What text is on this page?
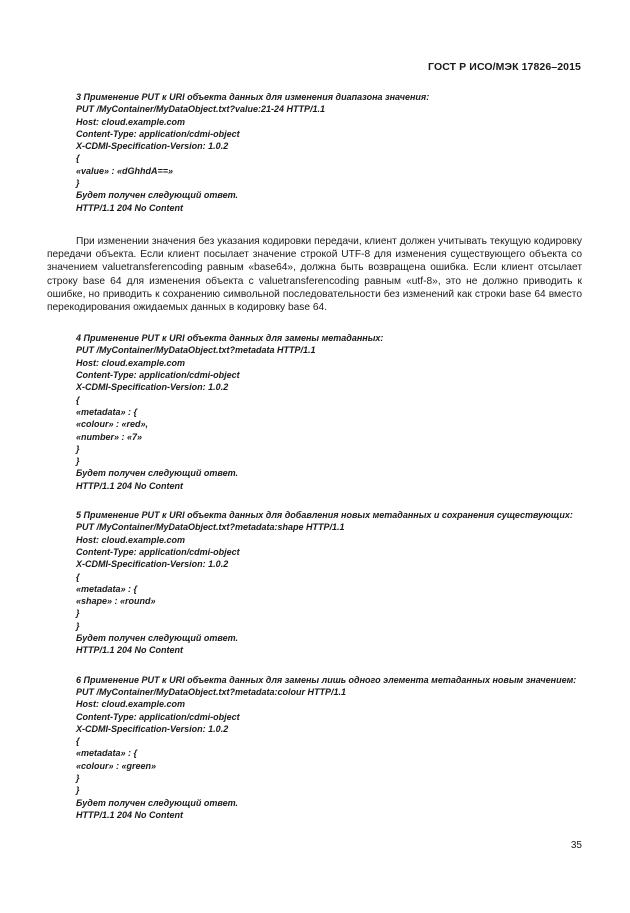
ГОСТ Р ИСО/МЭК 17826–2015
3 Применение PUT к URI объекта данных для изменения диапазона значения:
PUT /MyContainer/MyDataObject.txt?value:21-24 HTTP/1.1
Host: cloud.example.com
Content-Type: application/cdmi-object
X-CDMI-Specification-Version: 1.0.2
{
«value» : «dGhhdA==»
}
Будет получен следующий ответ.
HTTP/1.1 204 No Content
При изменении значения без указания кодировки передачи, клиент должен учитывать текущую кодировку передачи объекта. Если клиент посылает значение строкой UTF-8 для изменения существующего объекта со значением valuetransferencoding равным «base64», должна быть возвращена ошибка. Если клиент отсылает строку base 64 для изменения объекта с valuetransferencoding равным «utf-8», это не должно приводить к ошибке, но приводить к сохранению символьной последовательности без изменений как строки base 64 вместо перекодирования ожидаемых данных в кодировку base 64.
4 Применение PUT к URI объекта данных для замены метаданных:
PUT /MyContainer/MyDataObject.txt?metadata HTTP/1.1
Host: cloud.example.com
Content-Type: application/cdmi-object
X-CDMI-Specification-Version: 1.0.2
{
«metadata» : {
«colour» : «red»,
«number» : «7»
}
}
Будет получен следующий ответ.
HTTP/1.1 204 No Content
5 Применение PUT к URI объекта данных для добавления новых метаданных и сохранения существующих:
PUT /MyContainer/MyDataObject.txt?metadata:shape HTTP/1.1
Host: cloud.example.com
Content-Type: application/cdmi-object
X-CDMI-Specification-Version: 1.0.2
{
«metadata» : {
«shape» : «round»
}
}
Будет получен следующий ответ.
HTTP/1.1 204 No Content
6 Применение PUT к URI объекта данных для замены лишь одного элемента метаданных новым значением:
PUT /MyContainer/MyDataObject.txt?metadata:colour HTTP/1.1
Host: cloud.example.com
Content-Type: application/cdmi-object
X-CDMI-Specification-Version: 1.0.2
{
«metadata» : {
«colour» : «green»
}
}
Будет получен следующий ответ.
HTTP/1.1 204 No Content
35
